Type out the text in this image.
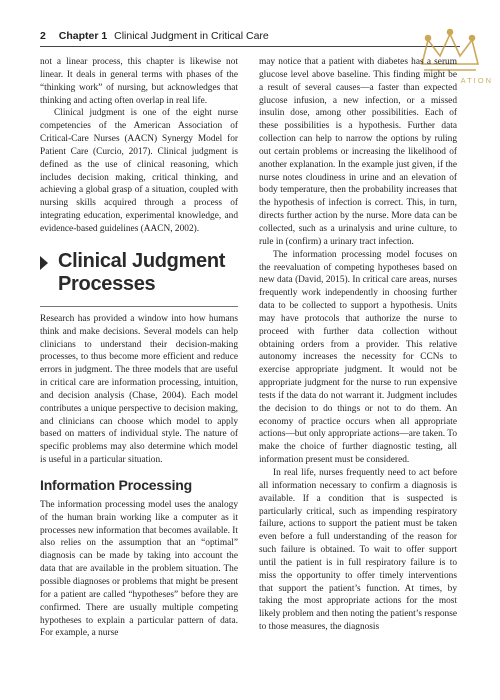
2 Chapter 1 Clinical Judgment in Critical Care
ATION

not a linear process, this chapter is likewise not linear. It deals in general terms with phases of the “thinking work” of nursing, but acknowledges that thinking and acting often overlap in real life.

Clinical judgment is one of the eight nurse competencies of the American Association of Critical-Care Nurses (AACN) Synergy Model for Patient Care (Curcio, 2017). Clinical judgment is defined as the use of clinical reasoning, which includes decision making, critical thinking, and achieving a global grasp of a situation, coupled with nursing skills acquired through a process of integrating education, experimental knowledge, and evidence-based guidelines (AACN, 2002).

Clinical Judgment
Processes

Research has provided a window into how humans think and make decisions. Several models can help clinicians to understand their decision-making processes, to thus become more efficient and reduce errors in judgment. The three models that are useful in critical care are information processing, intuition, and decision analysis (Chase, 2004). Each model contributes a unique perspective to decision making, and clinicians can choose which model to apply based on matters of individual style. The nature of specific problems may also determine which model is useful in a particular situation.

Information Processing

The information processing model uses the analogy of the human brain working like a computer as it processes new information that becomes available. It also relies on the assumption that an “optimal” diagnosis can be made by taking into account the data that are available in the problem situation. The possible diagnoses or problems that might be present for a patient are called “hypotheses” before they are confirmed. There are usually multiple competing hypotheses to explain a particular pattern of data. For example, a nurse

may notice that a patient with diabetes has a serum glucose level above baseline. This finding might be a result of several causes—a faster than expected glucose infusion, a new infection, or a missed insulin dose, among other possibilities. Each of these possibilities is a hypothesis. Further data collection can help to narrow the options by ruling out certain problems or increasing the likelihood of another explanation. In the example just given, if the nurse notes cloudiness in urine and an elevation of body temperature, then the probability increases that the hypothesis of infection is correct. This, in turn, directs further action by the nurse. More data can be collected, such as a urinalysis and urine culture, to rule in (confirm) a urinary tract infection.

The information processing model focuses on the reevaluation of competing hypotheses based on new data (David, 2015). In critical care areas, nurses frequently work independently in choosing further data to be collected to support a hypothesis. Units may have protocols that authorize the nurse to proceed with further data collection without obtaining orders from a provider. This relative autonomy increases the necessity for CCNs to exercise appropriate judgment. It would not be appropriate judgment for the nurse to run expensive tests if the data do not warrant it. Judgment includes the decision to do things or not to do them. An economy of practice occurs when all appropriate actions—but only appropriate actions—are taken. To make the choice of further diagnostic testing, all information present must be considered.

In real life, nurses frequently need to act before all information necessary to confirm a diagnosis is available. If a condition that is suspected is particularly critical, such as impending respiratory failure, actions to support the patient must be taken even before a full understanding of the reason for such failure is obtained. To wait to offer support until the patient is in full respiratory failure is to miss the opportunity to offer timely interventions that support the patient’s function. At times, by taking the most appropriate actions for the most likely problem and then noting the patient’s response to those measures, the diagnosis
